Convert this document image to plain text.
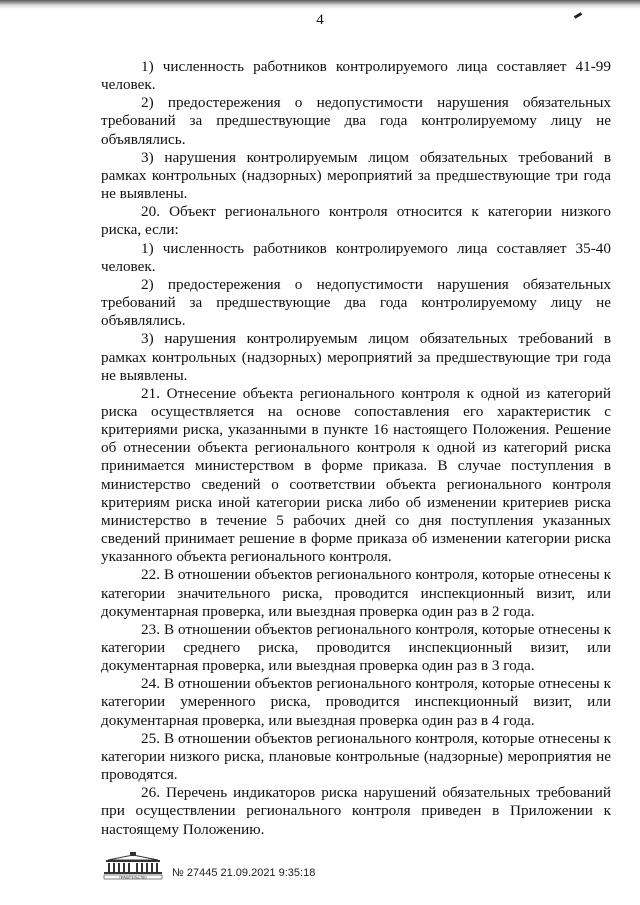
4

1) численность работников контролируемого лица составляет 41-99 человек.

2) предостережения о недопустимости нарушения обязательных требований за предшествующие два года контролируемому лицу не объявлялись.

3) нарушения контролируемым лицом обязательных требований в рамках контрольных (надзорных) мероприятий за предшествующие три года не выявлены.

20. Объект регионального контроля относится к категории низкого риска, если:

1) численность работников контролируемого лица составляет 35-40 человек.

2) предостережения о недопустимости нарушения обязательных требований за предшествующие два года контролируемому лицу не объявлялись.

3) нарушения контролируемым лицом обязательных требований в рамках контрольных (надзорных) мероприятий за предшествующие три года не выявлены.

21. Отнесение объекта регионального контроля к одной из категорий риска осуществляется на основе сопоставления его характеристик с критериями риска, указанными в пункте 16 настоящего Положения. Решение об отнесении объекта регионального контроля к одной из категорий риска принимается министерством в форме приказа. В случае поступления в министерство сведений о соответствии объекта регионального контроля критериям риска иной категории риска либо об изменении критериев риска министерство в течение 5 рабочих дней со дня поступления указанных сведений принимает решение в форме приказа об изменении категории риска указанного объекта регионального контроля.

22. В отношении объектов регионального контроля, которые отнесены к категории значительного риска, проводится инспекционный визит, или документарная проверка, или выездная проверка один раз в 2 года.

23. В отношении объектов регионального контроля, которые отнесены к категории среднего риска, проводится инспекционный визит, или документарная проверка, или выездная проверка один раз в 3 года.

24. В отношении объектов регионального контроля, которые отнесены к категории умеренного риска, проводится инспекционный визит, или документарная проверка, или выездная проверка один раз в 4 года.

25. В отношении объектов регионального контроля, которые отнесены к категории низкого риска, плановые контрольные (надзорные) мероприятия не проводятся.

26. Перечень индикаторов риска нарушений обязательных требований при осуществлении регионального контроля приведен в Приложении к настоящему Положению.

ПРАВИТЕЛЬСТВО № 27445 21.09.2021 9:35:18
